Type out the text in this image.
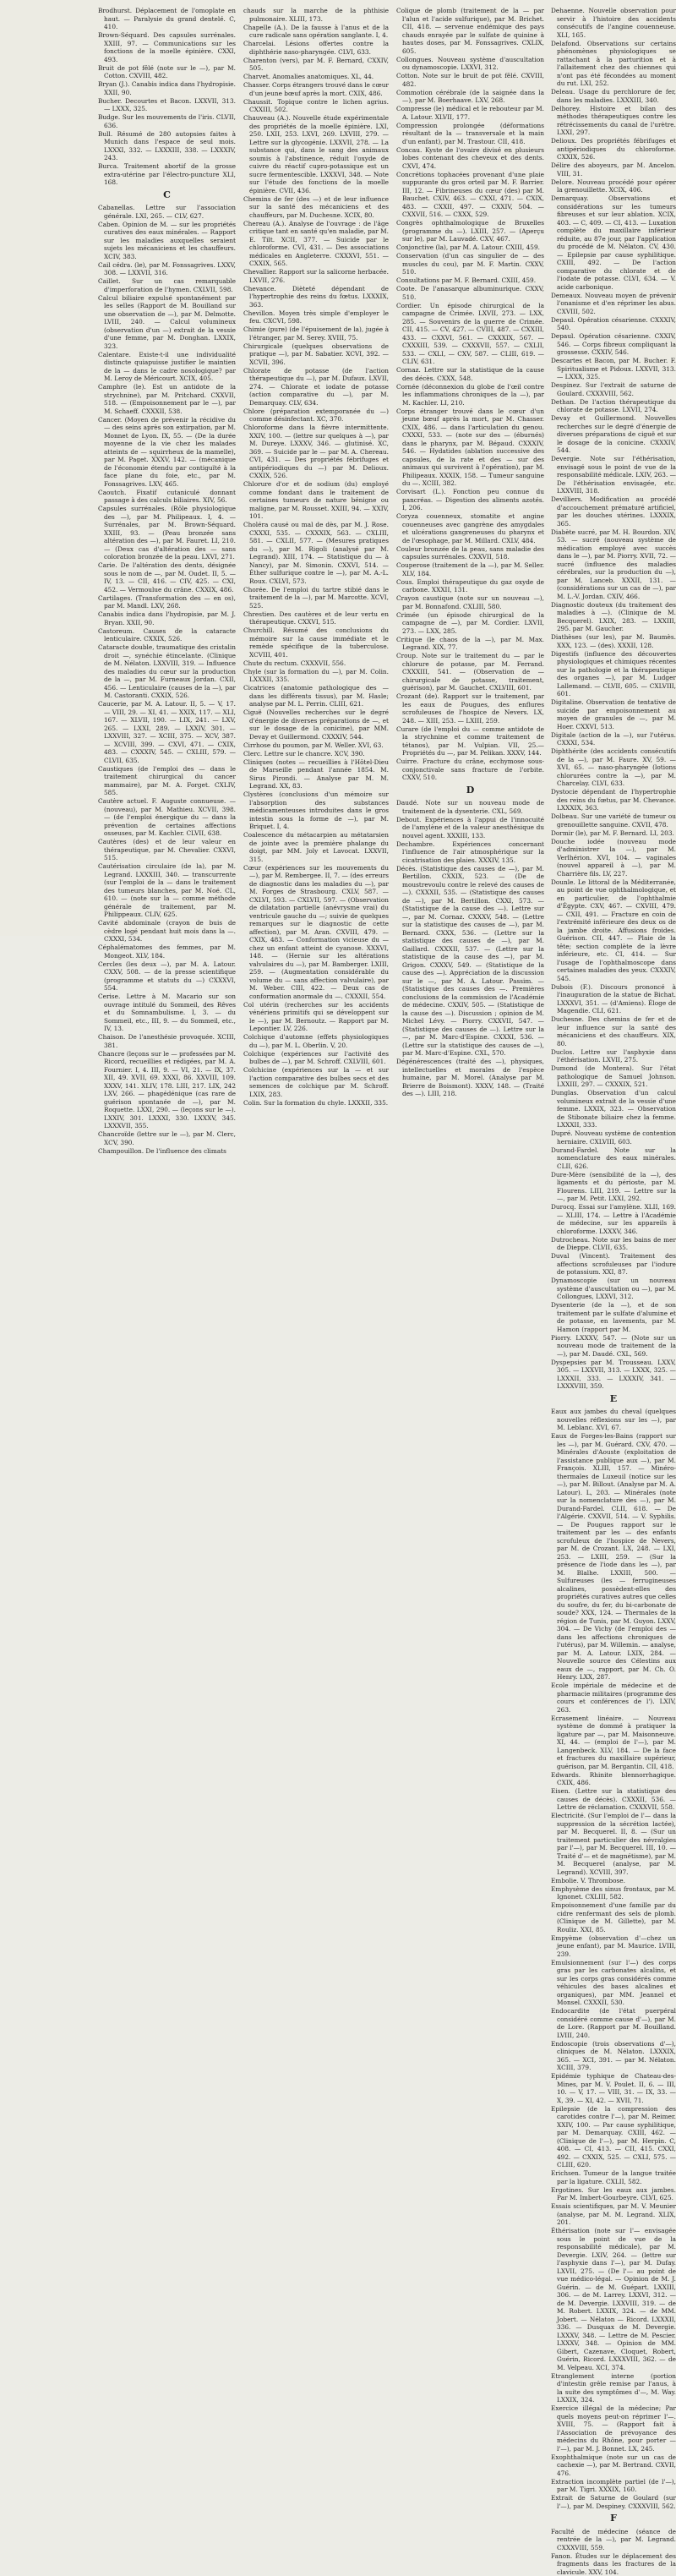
Brodhurst. Déplacement de l'omoplate en haut. — Paralysie du grand dentelé. C, 410.

Brown-Séquard. Des capsules surrénales. XXIII, 97. — Communications sur les fonctions de la moelle épinière. CXXI, 493.

Bruit de pot fêlé (note sur le —), par M. Cotton. CXVIII, 482.

Bryan (J.). Canabis indica dans l'hydropisie. XXII, 90.

Bucher. Decourtes et Bacon. LXXVII, 313. — LXXX, 325.

Budge. Sur les mouvements de l'iris. CLVII, 636.

Bull. Résumé de 280 autopsies faites à Munich dans l'espace de seul mois. LXXXI, 332. — LXXXIII, 338. — LXXXIV, 243.

Burca. Traitement abortif de la grosse extra-utérine par l'électro-puncture XLI, 168.

C

Cabanellas. Lettre sur l'association générale. LXI, 265. — CLV, 627.

Caben. Opinion de M. — sur les propriétés curatives des eaux minérales. — Rapport sur les maladies auxquelles seraient sujets les mécaniciens et les chauffeurs. XCIV, 383.

Cail cédra. (le), par M. Fonssagrives. LXXV, 308. — LXXVII, 316.

Caillet. Sur un cas remarquable d'imperforation de l'hymen. CXLVII, 598.

Calcul biliaire expulsé spontanément par les selles (Rapport de M. Bouilland sur une observation de —), par M. Delmotte. LVIII, 240. — Calcul volumineux (observation d'un —) extrait de la vessie d'une femme, par M. Donghan. LXXIX, 323.

Calentare. Existe-t-il une individualité distincte quiapuisse justifier le maintien de la — dans le cadre nosologique? par M. Leroy de Méricourt. XCIX, 405.

Camphre (le). Est un antidote de la strychnine), par M. Pritchard. CXXVII, 518. — (Empoisonnement par le —), par M. Schaeff. CXXXII, 538.

Cancer. (Moyen de prévenir la récidive du — des seins après son extirpation, par M. Monnet de Lyon. IX, 55. — (De la durée moyenne de la vie chez les malades atteints de — squirrheux de la mamelle), par M. Paget. XXXV, 142. — (mécanique de l'économie étendu par contiguïté à la face plane du foie, etc., par M. Fonssagrives. LXV, 465.

Caoutch. Fixatif cutaniculé donnant passage à des calculs biliaires. XIV, 56.

Capsules surrénales. (Rôle physiologique des —), par M. Philipeaux. I, 4. — Surrénales, par M. Brown-Séquard. XXIII, 93. — (Peau bronzée sans altération des —), par M. Fauret. LI, 210. — (Deux cas d'altération des — sans coloration bronzée de la peau. LXVI, 271.

Carie. De l'altération des dents, désignée sous le nom de —, par M. Oudet. II, 5. — IV, 13. — CII, 416. — CIV, 425. — CXI, 452. — Vermoulue du crâne. CXXIX, 486.

Cartilages. (Transformation des — en os), par M. Mandl. LXV, 268.

Canabis indica dans l'hydropisie, par M. J. Bryan. XXII, 90.

Castoreum. Causes de la cataracte lenticulaire. CXXIX, 526.

Cataracte double, traumatique des cristalin droit —, synéchie étincelante. (Clinique de M. Nélaton. LXXVIII, 319. — Influence des maladies du cœur sur la production de la —, par M. Furneaux Jordan. CXII, 456. — Lenticulaire (causes de la —), par M. Castoranti. CXXIX, 526.

Caucerie, par M. A. Latour. II, 5. — V, 17. — VIII, 29. — XI, 41. — XXIX, 117. — XLI, 167. — XLVII, 190. — LIX, 241. — LXV, 265. — LXXI, 289. — LXXIV, 301. — LXXVIII, 327. — XCIII, 375. — XCV, 387. — XCVIII, 399. — CXVI, 471. — CXIX, 483. — CXXXIV, 545. — CXLIII, 579. — CLVII, 635.

Caustiques (de l'emploi des — dans le traitement chirurgical du cancer mammaire), par M. A. Forget. CXLIV, 585.

Cautère actuel. F. Auguste connueuse. — (nouveau), par M. Mathieu. XCVII, 398. — (de l'emploi énergique du — dans la prévention de certaines affections osseuses, par M. Kachler. CLVII, 638.

Cautères (des) et de leur valeur en thérapeutique, par M. Chevalier. CXXVI, 515.

Cautérisation circulaire (de la), par M. Legrand. LXXXIII, 340. — transcurrente (sur l'emploi de la — dans le traitement des tumeurs blanches, par M. Noé. CL, 610. — (note sur la — comme méthode générale de traitement, par M. Philippeaux. CLIV, 625.

Cavité abdominale (crayon de buis de cèdre logé pendant huit mois dans la —. CXXXI, 534.

Céphalématomes des femmes, par M. Mongeot. XLV, 184.

Cercles (les deux —), par M. A. Latour. CXXV, 508. — de la presse scientifique (programme et statuts du —) CXXXVI, 554.

Cerise. Lettre à M. Macario sur son ouvrage intitulé du Sommeil, des Rêves et du Somnambulisme. I, 3. — du Sommeil, etc., III, 9. — du Sommeil, etc., IV, 13.

Chaison. De l'anesthésie provoquée. XCIII, 381.

Chancre (leçons sur le — professées par M. Ricord, recueillies et rédigées, par M. A. Fournier. I, 4. III, 9. — VI, 21. — IX, 37. XII, 49. XVII, 69. XXXI, 86. XXVIII, 109. XXXV, 141. XLIV, 178. LIII, 217. LIX, 242 LXV, 266. — phagédénique (cas rare de guérison spontanée de —), par M. Roquette. LXXI, 290. — (leçons sur le —). LXXIV, 301. LXXXI, 330. LXXXV, 345. LXXXVII, 355.

Chancroïde (lettre sur le —), par M. Clerc, XCV, 390.

Champouillon. De l'influence des climats

chauds sur la marche de la phthisie pulmonaire. XLIII, 173.

Chapelle (A.). De la fausse à l'anus et de la cure radicale sans opération sanglante. I, 4.

Charcelai. Lésions offertes contre la diphthérie naso-pharyngée. CLVI, 633.

Charenton (vers), par M. F. Bernard, CXXIV, 505.

Charvet. Anomalies anatomiques. XL, 44.

Chasser. Corps étrangers trouvé dans le cœur d'un jeune bœuf après la mort. CXIX, 486.

Chaussit. Topique contre le lichen agrius. CXXIII, 502.

Chauveau (A.). Nouvelle étude expérimentale des propriétés de la moelle épinière. LXI, 250. LXII, 253. LXVI, 269. LXVIII, 279. — Lettre sur la glycogénie. LXXVII, 278. — La substance qui, dans le sang des animaux soumis à l'abstinence, réduit l'oxyde de cuivre du réactif cupro-potassique est un sucre fermentescible. LXXXVI, 348. — Note sur l'étude des fonctions de la moelle épinière. CVII, 436.

Chemins de fer (des —) et de leur influence sur la santé des mécaniciens et des chauffeurs, par M. Duchesne. XCIX, 80.

Chereau (A.). Analyse de l'ouvrage : de l'âge critique tant en santé qu'en maladie, par M. E. Tilt. XCII, 377. — Suicide par le chloroforme. CVI, 431. — Des associations médicales en Angleterre. CXXXVI, 551. — CXXIX, 565.

Chevallier. Rapport sur la salicorne herbacée. LXVII, 276.

Chevance. Dièteté dépendant de l'hypertrophie des reins du fœtus. LXXXIX, 363.

Chevillon. Moyen très simple d'employer le feu. CXCVI, 598.

Chimie (pure) (de l'épuisement de la), jugée à l'étranger, par M. Serey. XVIII, 75.

Chirurgicale (quelques observations de pratique —), par M. Sabatier. XCVI, 392. — XCVII, 396.

Chlorate de potasse (de l'action thérapeutique du —), par M. Dufaux. LXVII, 274. — Chlorate et iodate de potasse (action comparative du —), par M. Demarquay. CLV, 634.

Chlore (préparation extemporanée du —) comme désinfectant. XC, 370.

Chloroforme dans la fièvre intermittente. XXIV, 100. — (lettre sur quelques à —), par M. Dureye. LXXXV, 346. — glutinisé. XC, 369. — Suicide par le — par M. A. Chereau. CVI, 431. — Des propriétés fébrifuges et antipériodiques du —) par M. Delioux. CXXIX, 526.

Chlorure d'or et de sodium (du) employé comme fondant dans le traitement de certaines tumeurs de nature bénigne ou maligne, par M. Rousset. XXIII, 94. — XXIV, 101.

Choléra causé ou mal de dès, par M. J. Rose. CXXXI, 535. — CXXXIX, 563. — CXLIII, 581. — CXLII, 577. — (Mesures pratiques du —), par M. Rigoli (analysé par M. Legrand). XIII, 174. — Statistique du — à Nancy), par M. Simonin. CXXVI, 514. — Éther sulfurique contre le —), par M. A.-L. Roux. CXLVI, 573.

Chorée. De l'emploi du tartre stibié dans le traitement de la —), par M. Marcotte. XCVI, 525.

Chrestien. Des cautères et de leur vertu en thérapeutique. CXXVI, 515.

Churchill. Résumé des conclusions du mémoire sur la cause immédiate et le remède spécifique de la tuberculose. XCVIII, 401.

Chute du rectum. CXXXVII, 556.

Chyle (sur la formation du —), par M. Colin. LXXXII, 335.

Cicatrices (anatomie pathologique des — dans les différents tissus), par M. Hasle; analyse par M. L. Perrin. CLIII, 621.

Ciguë (Nouvelles recherches sur le degré d'énergie de diverses préparations de —, et sur le dosage de la conicine), par MM. Devay et Guillermond. CXXXIV, 544.

Cirrhose du poumon, par M. Weller. XVI, 63.

Clerc. Lettre sur le chancre. XCV, 390.

Cliniques (notes — recueillies à l'Hôtel-Dieu de Marseille pendant l'année 1854. M. Sirus Pirondi. — Analyse par M. M. Legrand. XX, 83.

Clystères (conclusions d'un mémoire sur l'absorption des substances médicamenteuses introduites dans le gros intestin sous la forme de —), par M. Briquet. I, 4.

Coalescence du métacarpien au métatarsien de jointe avec la première phalange du doigt, par MM. Joly et Lavocat. LXXVII, 315.

Cœur (expériences sur les mouvements du —), par M. Rembergee. II, 7. — (des erreurs de diagnostic dans les maladies du —), par M. Forges de Strasbourg. CXLV, 587. — CXLVI, 593. — CXLVII, 597. — (Observation de dilatation partielle (anévrysme vrai) du ventricule gauche du —; suivie de quelques remarques sur le diagnostic de cette affection), par M. Aran. CXVIII, 479. — CXIX, 483. — Conformation vicieuse du — chez un enfant atteint de cyanose. XXXVI, 148. — (Hernie sur les altérations valvulaires du —), par M. Bamberger. LXIII, 259. — (Augmentation considérable du volume du — sans affection valvulaire), par M. Weber. CIII, 422. — Deux cas de conformation anormale du —. CXXXII, 554.

Col utérin (recherches sur les accidents vénériens primitifs qui se développent sur le —), par M. Bernoutz. — Rapport par M. Lepontier. LV, 226.

Colchique d'automne (effets physiologiques du —), par M. L. Oberlin. V, 20.

Colchique (expériences sur l'activité des bulbes de —), par M. Schroff. CXLVIII, 601.

Colchicine (expériences sur la — et sur l'action comparative des bulbes secs et des semences de colchique par M. Schroff. LXIX, 283.

Colin. Sur la formation du chyle. LXXXII, 335.

Colique de plomb (traitement de la — par l'alun et l'acide sulfurique), par M. Brichet. CII, 418. — servenue endémique des pays chauds enrayée par le sulfate de quinine à hautes doses, par M. Fonssagrives. CXLIX, 605.

Collongues. Nouveau système d'auscultation ou dynamoscopie. LXXVI, 312.

Cotton. Note sur le bruit de pot fêlé. CXVIII, 482.

Commotion cérébrale (de la saignée dans la —), par M. Boerhaave. LXV, 268.

Compresse (le) médical et le rebouteur par M. A. Latour. XLVII, 177.

Compression prolongée (déformations résultant de la — transversale et la main d'un enfant), par M. Trastour. CII, 418.

Concau. Kyste de l'ovaire divisé en plusieurs lobes contenant des cheveux et des dents. CXVI, 474.

Concrétions tophacées provenant d'une plaie suppurante du gros orteil par M. F. Barrier. III, 12. — Fibrineuses du cœur (des) par M. Bauchet. CXIV, 463. — CXXI, 471. — CXIX, 483. — CXXII, 497. — CXXIV, 504. — CXXVII, 516. — CXXX, 529.

Congrès ophthalmologique de Bruxelles (programme du —). LXIII, 257. — (Aperçu sur le), par M. Lauvadé. CXV, 467.

Conjonctive (la), par M. A. Latour. CXIII, 459.

Conservation (d'un cas singulier de — des muscles du cou), par M. F. Martin. CXXV, 510.

Consultations par M. F. Bernard. CXIII, 459.

Coote. De l'anasarque albuminurique. CXXV, 510.

Cordier. Un épisode chirurgical de la campagne de Crimée. LXVII, 273. — LXX, 285. — Souvenirs de la guerre de Crimée. CII, 415. — CV, 427. — CVIII, 487. — CXXIII, 433. — CXXVI, 561. — CXXXIX, 567. — CXXXIII, 539. — CXXXVII, 557. — CXLII, 533. — CXLI, — CXV, 587. — CLIII, 619. — CLIV, 631.

Cornaz. Lettre sur la statistique de la cause des décès. CXXX, 548.

Cornée (déconnexion du globe de l'œil contre les inflammations chroniques de la —), par M. Kachler. LI, 210.

Corps étranger trouvé dans le cœur d'un jeune bœuf après la mort, par M. Chasser. CXIX, 486. — dans l'articulation du genou. CXXXI, 533. — (note sur des — (éburnés) dans le pharynx, par M. Bépaud. CXXXIV, 546. — Hydatides (ablation successive des capsules, de la rate et des — sur des animaux qui survivent à l'opération), par M. Philipeaux. XXXIX, 158. — Tumeur sanguine du —. XCIII, 382.

Corvisart (L.). Fonction peu connue du pancréas. — Digestion des aliments azotés. I, 206.

Coryza couenneux, stomatite et angine couenneuses avec gangrène des amygdales et ulcérations gangreneuses du pharynx et de l'œsophage, par M. Millard. CXLV, 484.

Couleur bronzée de la peau, sans maladie des capsules surrénales. CXXVII, 518.

Couperose (traitement de la —), par M. Seller. XLV, 184.

Cous. Emploi thérapeutique du gaz oxyde de carbone. XXXII, 131.

Crayon caustique (note sur un nouveau —), par M. Bonnafond. CXLIII, 580.

Crimée (un épisode chirurgical de la campagne de —), par M. Cordier. LXVII, 273. — LXX, 285.

Critique (le chaos de la —), par M. Max. Legrand. XIX, 77.

Croup. Note sur le traitement du — par le chlorure de potasse, par M. Ferrand. CXXXIII, 541. — (Observation de — chirurgicale de potasse, traitement, guérison), par M. Gauchet. CXLVIII, 601.

Crozant (de). Rapport sur le traitement, par les eaux de Pougues, des enflures scrofuleuses de l'hospice de Nevers. LX, 248. — XIII, 253. — LXIII, 259.

Curare (de l'emploi du — comme antidote de la strychnine et comme traitement de tétanos), par M. Vulpian. VII, 25.— Propriétés du —, par M. Pelikan. XXXV, 144.

Cuirre. Fracture du crâne, ecchymose sous-conjonctivale sans fracture de l'orbite. CXXV, 510.

D

Daudé. Note sur un nouveau mode de traitement de la dysenterie. CXL, 569.

Debout. Expériences à l'appui de l'innocuité de l'amylène et de la valeur anesthésique du nouvel agent. XXXIII, 133.

Dechambre. Expériences concernant l'influence de l'air atmosphérique sur la cicatrisation des plaies. XXXIV, 135.

Décès. (Statistique des causes de —), par M. Bertillon. CXXIX, 523. — (De de moustrevoulu contre le relevé des causes de —). CXXXII, 535. — (Statistique des causes de —), par M. Bertillon. CXXI, 573. — (Statistique de la cause des —). Lettre sur —, par M. Cornaz. CXXXV, 548. — (Lettre sur la statistique des causes de —), par M. Bernard. CXXX, 536. — (Lettre sur la statistique des causes de —), par M. Gaillard. CXXXII, 537. — (Lettre sur la statistique de la cause des —), par M. Grigon. CXXXV, 549. — (Statistique de la cause des —). Appréciation de la discussion sur le —, par M. A. Latour. Passim. — (Statistique des causes des —. Premières conclusions de la commission de l'Académie de médecine. CXXIV, 505. — (Statistique de la cause des —). Discussion ; opinion de M. Michel Lévy. — Piorry. CXXVII, 547. — (Statistique des causes de —). Lettre sur la —, par M. Marc-d'Espine. CXXXI, 536. — (Lettre sur la statistique des causes de —), par M. Marc-d'Espine. CXL, 570.

Dégénérescences (traité des —), physiques, intellectuelles et morales de l'espèce humaine, par M. Morel. (Analyse par M. Brierre de Boismont). XXXV, 148. — (Traité des —). LIII, 218.

Dehaenne. Nouvelle observation pour servir à l'histoire des accidents consécutifs de l'angine couenneuse. XLI, 165.

Delafond. Observations sur certains phénomènes physiologiques se rattachant à la parturition et à l'allaitement chez des chiennes qui n'ont pas été fécondées au moment du rut. LXI, 252.

Deleau. Usage du perchlorure de fer, dans les maladies. LXXXIII, 340.

Delhorey. Histoire et bilan des méthodes thérapeutiques contre les rétrécissements du canal de l'urètre. LXXI, 297.

Delioux. Des propriétés fébrifuges et antipériodiques du chloroforme. CXXIX, 526.

Délire des aboyeurs, par M. Ancelon. VIII, 31.

Delore. Nouveau procédé pour opérer la grenouillette. XCIX, 406.

Demarquay. Observations et considérations sur les tumeurs fibreuses et sur leur ablation. XCIX, 403. — C, 409. — CI, 413. — Luxation complète du maxillaire inférieur réduite, au 87e jour, par l'application du procédé de M. Nélaton. CV, 430. — Epilepsie par cause syphilitique. CXIII, 492. — De l'action comparative du chlorate et de l'iodate de potasse. CLVI, 634. — V. acide carbonique.

Demeaux. Nouveau moyen de prévenir l'onanisme et d'en réprimer les abus. CXVIII, 502.

Depaul. Opération césarienne. CXXXIV, 540.

Depaul. Opération césarienne. CXXIV, 546. — Corps fibreux compliquant la grossesse. CXXIV, 546.

Descartes et Bacon, par M. Bucher. F. Spiritualisme et Pidoux. LXXVII, 313. — LXXX, 325.

Despinez. Sur l'extrait de saturne de Goulard. CXXXVIII, 562.

Dethan. De l'action thérapeutique du chlorate de potasse. LXVII, 274.

Devay et Guillermond. Nouvelles recherches sur le degré d'énergie de diverses préparations de ciguë et sur le dosage de la conicine. CXXXIV, 544.

Devergie. Note sur l'éthérisation, envisagé sous le point de vue de la responsabilité médicale. LXIV, 263. — De l'éthérisation envisagée, etc. LXXVIII, 318.

Devilliers. Modification au procédé d'accouchement prématuré artificiel, par les douches utérines. LXXXIX, 365.

Diabète sucré, par M. H. Bourdon. XIV, 53. — sucré (nouveau système de médication employé avec succès dans le —), par M. Piorry. XVII, 72. — sucré (influence des maladies cérébrales, sur la production du —), par M. Lanceb. XXXII, 131. — (considérations sur un cas de —), par M. L.-V. Jordan. CXIV, 466.

Diagnostic douteux (du traitement des maladies à —). (Clinique de M. Becquerel). LXIX, 283. — LXXIII, 295. par M. Gaucher.

Diathèses (sur les), par M. Baumès. XXX, 123. — (des). XXXII, 128.

Digestifs (influence des découvertes physiologiques et chimiques récentes sur la pathologie et la thérapeutique des organes —), par M. Ludger Lallemand. — CLVII, 605. — CXLVIII, 601.

Digitaline. Observation de tentative de suicide par empoisonnement au moyen de granules de —, par M. Hoer. CXXVI, 513.

Digitale (action de la —), sur l'utérus. CXXXI, 534.

Diphthérite (des accidents consécutifs de la —), par M. Faure. XV, 59. — XVI, 65. — naso-pharyngée (lotions chlorurées contre la —), par M. Charcelay. CLVI, 633.

Dystocie dépendant de l'hypertrophie des reins du fœtus, par M. Chevance. LXXXIX, 363.

Dolbeau. Sur une variété de tumeur ou grenouillette sanguine. CXVII, 478.

Dormir (le), par M. F. Bernard. LI, 203.

Douche iodée (nouveau mode d'administrer la —), par M. Verlhérion. XVI, 104. — vaginales (nouvel appareil à —), par M. Charrière fils. LV, 227.

Dounle. Le littoral de la Méditerranée, au point de vue ophthalmologique, et en particulier, de l'ophthalmie d'Égypte. CXV, 467. — CXVIII, 479. — CXII, 491. — Fracture en coin de l'extrémité inférieure des deux os de la jambe droite. Affusions froides. Guérison. CII, 447. — Plaie de la tête; section complète de la lèvre inférieure, etc. CI, 414. — Sur l'usage de l'ophthalmoscope dans certaines maladies des yeux. CXXXIV, 545.

Dubois (F.). Discours prononcé à l'inauguration de la statue de Bichat. LXXXVI, 351. — (d'Amiens). Éloge de Magendie. CLI, 621.

Duchesne. Des chemins de fer et de leur influence sur la santé des mécaniciens et des chauffeurs. XIX, 80.

Duclos. Lettre sur l'asphyxie dans l'éthérisation. LXVII, 275.

Dumond (de Montera). Sur l'état pathologique de Samuel Johnson. LXXIII, 297. — CXXXIX, 521.

Dunglas. Observation d'un calcul volumineux extrait de la vessie d'une femme. LXXIX, 323. — Observation de Stibonate biliaire chez la femme. LXXXII, 333.

Dupré. Nouveau système de contention herniaire. CXLVIII, 603.

Durand-Fardel. Note sur la nomenclature des eaux minérales. CLII, 626.

Dure-Mère (sensibilité de la —), des ligaments et du périoste, par M. Flourens. LIII, 219. — Lettre sur la —, par M. Petit. LXXI, 292.

Durocq. Essai sur l'amylène. XLII, 169. — XLIII, 174. — Lettre à l'Académie de médecine, sur les appareils à chloroforme. LXXXV, 346.

Dutrocheau. Note sur les bains de mer de Dieppe. CLVII, 635.

Duval (Vincent). Traitement des affections scrofuleuses par l'iodure de potassium. XXI, 87.

Dynamoscopie (sur un nouveau système d'auscultation ou —), par M. Collongues, LXXVI, 312.

Dysenterie (de la —), et de son traitement par le sulfate d'alumine et de potasse, en lavements, par M. Hamon (rapport par M.

Piorry. LXXXV, 547. — (Note sur un nouveau mode de traitement de la —), par M. Daudé. CXL, 569.

Dyspepsies par M. Trousseau. LXXV, 305. — LXXVII, 313. — LXXX, 325. — LXXXII, 333. — LXXXIV, 341. — LXXXVIII, 359.

E

Eaux aux jambes du cheval (quelques nouvelles réflexions sur les —), par M. Leblanc. XVI, 67.

Eaux de Forges-les-Bains (rapport sur les —), par M. Guérard. CXV, 470. — Minérales d'Aouste (exploitation de l'assistance publique aux —), par M. François. XLIII, 157. — Minéro-thermales de Luxeuil (notice sur les —), par M. Billout. (Analyse par M. A. Latour). L, 203. — Minérales (note sur la nomenclature des —), par M. Durand-Fardel. CLII, 618. — De l'Algérie. CXXVII, 514. — V. Syphilis. — De Pougues rapport sur le traitement par les — des enfants scrofuleux de l'hospice de Nevers, par M. de Crozant. LX, 248. — LXI, 253. — LXIII, 259. — (Sur la présence de l'iode dans les —), par M. Blalhe. LXXIII, 500. — Sulfureuses (les — ferrugineuses alcalines, possèdent-elles des propriétés curatives autres que celles du soufre, du fer, du bi-carbonate de soude? XXX, 124. — Thermales de la région de Tunis, par M. Guyon. LXXV, 304. — De Vichy (de l'emploi des — dans les affections chroniques de l'utérus), par M. Willemin. — analyse, par M. A. Latour. LXIX, 284. — Nouvelle source des Célestins aux eaux de —, rapport, par M. Ch. O. Henry. LXX, 287.

Ecole impériale de médecine et de pharmacie militaires (programme des cours et conférences de l'). LXIV, 263.

Ecrasement linéaire. — Nouveau système de dommé à pratiquer la ligature par —, par M. Maisonneuve. XI, 44. — (emploi de l'—), par M. Langenbeck. XLV, 184. — De la face et fractures du maxillaire supérieur, guérison, par M. Bergantin. CII, 418.

Edwards. Rhinite blennorrhagique. CXIX, 486.

Eisen. (Lettre sur la statistique des causes de décès). CXXXII, 536. — Lettre de réclamation. CXXXVII, 558.

Electricité. (Sur l'emploi de l'— dans la suppression de la sécrétion lactée), par M. Becquerel. II, 8. — (Sur un traitement particulier des névralgies par l'—), par M. Becquerel. III, 10. — Traité d'— et de magnétisme), par M. M. Becquerel (analyse, par M. Legrand). XCVIII, 397.

Embolie. V. Thrombose.

Emphysème des sinus frontaux, par M. Ignonet. CXLIII, 582.

Empoisonnement d'une famille par du cidre renfermant des sels de plomb. (Clinique de M. Gillette), par M. Rouliz. XXI, 85.

Empyème (observation d'—chez un jeune enfant), par M. Maurice. LVIII, 239.

Emulsionnement (sur l'—) des corps gras par les carbonates alcalins, et sur les corps gras considérés comme véhicules des bases alcalines et organiques), par MM. Jeannel et Monsel. CXXXII, 530.

Endocardite (de l'état puerpéral considéré comme cause d'—), par M. de Lore. (Rapport par M. Bouilland. LVIII, 240.

Endoscopie (trois observations d'—), cliniques de M. Nélaton. LXXXIX, 365. — XCI, 391. — par M. Nélaton. XCIII, 379.

Epidémie typhique de Chateau-des-Mines, par M. V. Poulet. II, 6. — III, 10. — V, 17. — VIII, 31. — IX, 33. — X, 39. — XI, 42. — XVII, 71.

Epilepsie (de la compression des carotides contre l'—), par M. Reimer. XXIV, 100. — Par cause syphilitique, par M. Demarquay. CXIII, 462. — (Clinique de l'—), par M. Herpin. C, 408. — CI, 413. — CII, 415. CXXI, 492. — CXXIX, 525. — CXLI, 575. — CLIII, 620.

Erichsen. Tumeur de la langue traitée par la ligature. CXLII, 582.

Ergotines. Sur les eaux aux jambes. Par M. Imbert-Gourbeyre. CLVI, 625.

Essais scientifiques, par M. V. Meunier (analyse, par M. M. Legrand. XLIX, 201.

Éthérisation (note sur l'— envisagée sous le point de vue de la responsabilité médicale), par M. Devergie. LXIV, 264. — (lettre sur l'asphyxie dans l'—), par M. Dufay. LXVII, 275. — (De l'— au point de vue médico-légal. — Opinion de M. J. Guérin. — de M. Guépart. LXXIII, 306. — de M. Larrey. LXXVI, 312. — de M. Devergie. LXXVIII, 319. — de M. Robert. LXXIX, 324. — de MM. Jobert. — Nélaton — Ricord. LXXXII, 336. — Dusquax de M. Devergie. LXXXV, 348. — Lettre de M. Pescier. LXXXV, 348. — Opinion de MM. Gibert, Cazenave, Cloquet, Robert, Guérin, Ricord. LXXXVIII, 362. — de M. Velpeau. XCI, 374.

Etranglement interne (portion d'intestin grêle remise par l'anus, à la suite des symptômes d'—, M. Way. LXXIX, 324.

Exercice illégal de la médecine; Par quels moyens peut-on réprimer l'—. XVIII, 75. — (Rapport fait à l'Association de prévoyance des médecins du Rhône, pour porter — l'—), par M. J. Bonnet. LX, 245.

Exophthalmique (note sur un cas de cachexie —), par M. Bertrand. CXVII, 476.

Extraction incomplète partiel (de l'—), par M. Tigri. XXXIX, 160.

Extrait de Saturne de Goulard (sur l'—), par M. Despiney. CXXXVIII, 562.

F

Faculté de médecine (séance de rentrée de la —), par M. Legrand. CXXXVIII, 559.

Fanon. Études sur le déplacement des fragments dans les fractures de la clavicule. XXV, 104.
